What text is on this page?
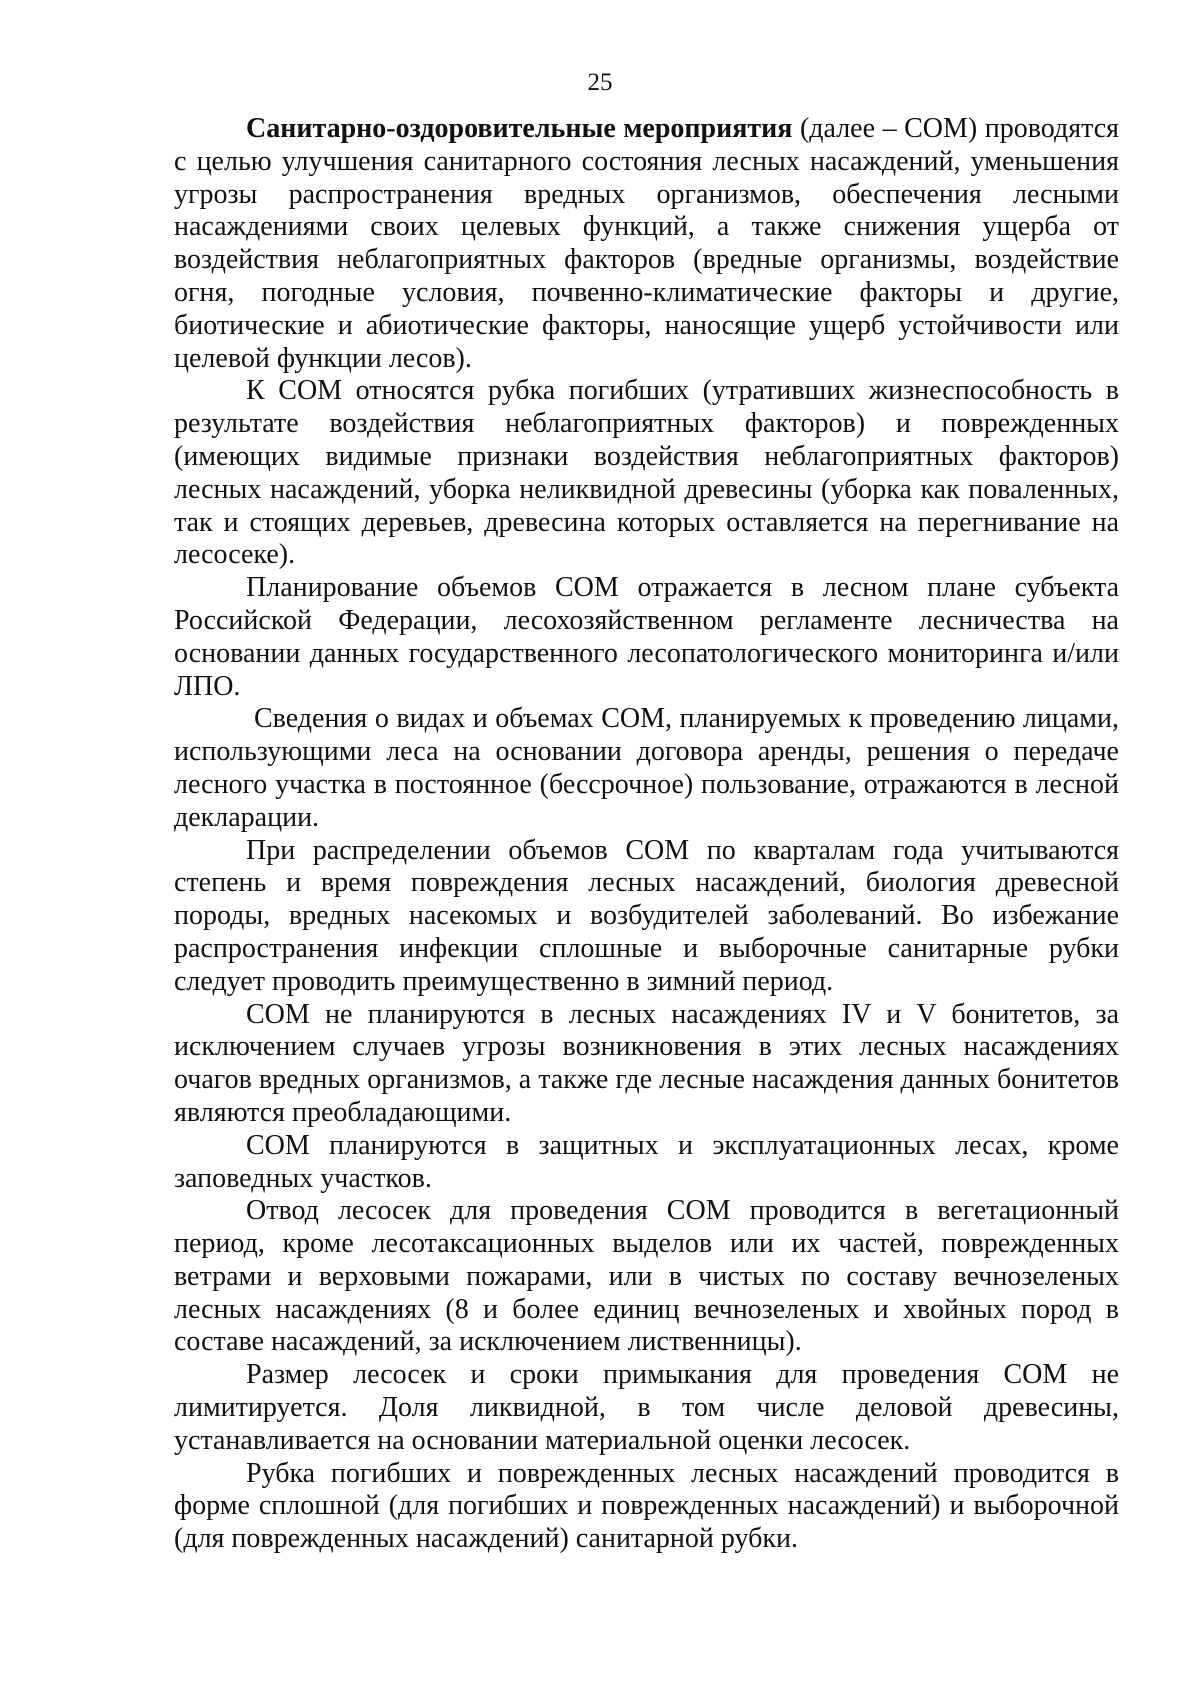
25

Санитарно-оздоровительные мероприятия (далее – СОМ) проводятся с целью улучшения санитарного состояния лесных насаждений, уменьшения угрозы распространения вредных организмов, обеспечения лесными насаждениями своих целевых функций, а также снижения ущерба от воздействия неблагоприятных факторов (вредные организмы, воздействие огня, погодные условия, почвенно-климатические факторы и другие, биотические и абиотические факторы, наносящие ущерб устойчивости или целевой функции лесов).

К СОМ относятся рубка погибших (утративших жизнеспособность в результате воздействия неблагоприятных факторов) и поврежденных (имеющих видимые признаки воздействия неблагоприятных факторов) лесных насаждений, уборка неликвидной древесины (уборка как поваленных, так и стоящих деревьев, древесина которых оставляется на перегнивание на лесосеке).

Планирование объемов СОМ отражается в лесном плане субъекта Российской Федерации, лесохозяйственном регламенте лесничества на основании данных государственного лесопатологического мониторинга и/или ЛПО.

Сведения о видах и объемах СОМ, планируемых к проведению лицами, использующими леса на основании договора аренды, решения о передаче лесного участка в постоянное (бессрочное) пользование, отражаются в лесной декларации.

При распределении объемов СОМ по кварталам года учитываются степень и время повреждения лесных насаждений, биология древесной породы, вредных насекомых и возбудителей заболеваний. Во избежание распространения инфекции сплошные и выборочные санитарные рубки следует проводить преимущественно в зимний период.

СОМ не планируются в лесных насаждениях IV и V бонитетов, за исключением случаев угрозы возникновения в этих лесных насаждениях очагов вредных организмов, а также где лесные насаждения данных бонитетов являются преобладающими.

СОМ планируются в защитных и эксплуатационных лесах, кроме заповедных участков.

Отвод лесосек для проведения СОМ проводится в вегетационный период, кроме лесотаксационных выделов или их частей, поврежденных ветрами и верховыми пожарами, или в чистых по составу вечнозеленых лесных насаждениях (8 и более единиц вечнозеленых и хвойных пород в составе насаждений, за исключением лиственницы).

Размер лесосек и сроки примыкания для проведения СОМ не лимитируется. Доля ликвидной, в том числе деловой древесины, устанавливается на основании материальной оценки лесосек.

Рубка погибших и поврежденных лесных насаждений проводится в форме сплошной (для погибших и поврежденных насаждений) и выборочной (для поврежденных насаждений) санитарной рубки.
